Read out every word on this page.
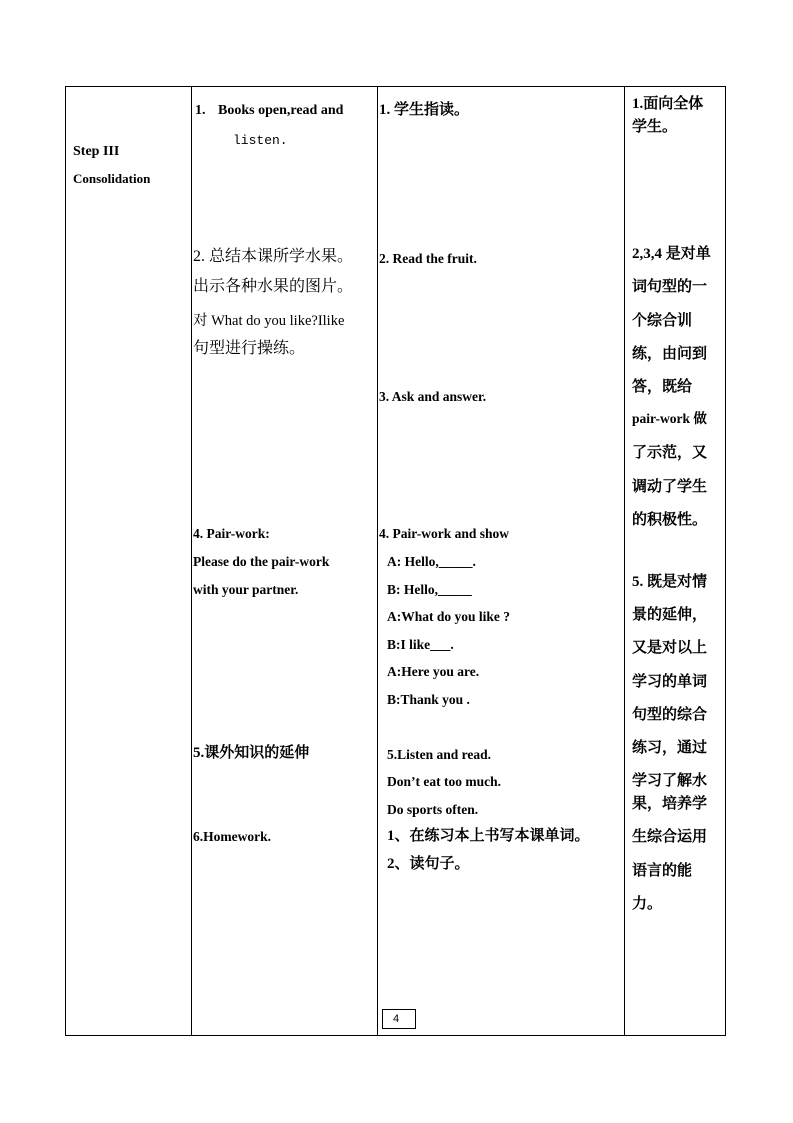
Step III
Consolidation
1. Books open,read and
listen.
2. 总结本课所学水果。
出示各种水果的图片。
对 What do you like?Ilike
句型进行操练。
4. Pair-work:
Please do the pair-work
with your partner.
5.课外知识的延伸
6.Homework.
1. 学生指读。
2. Read the fruit.
3. Ask and answer.
4. Pair-work and show
A: Hello,_____.
B: Hello,_____
A:What do you like ?
B:I like___.
A:Here you are.
B:Thank you .
5.Listen and read.
Don’t eat too much.
Do sports often.
1、在练习本上书写本课单词。
2、读句子。
1.面向全体
学生。
2,3,4 是对单
词句型的一
个综合训
练，由问到
答，既给
pair-work 做
了示范，又
调动了学生
的积极性。
5. 既是对情
景的延伸，
又是对以上
学习的单词
句型的综合
练习，通过
学习了解水
果，培养学
生综合运用
语言的能
力。
4
